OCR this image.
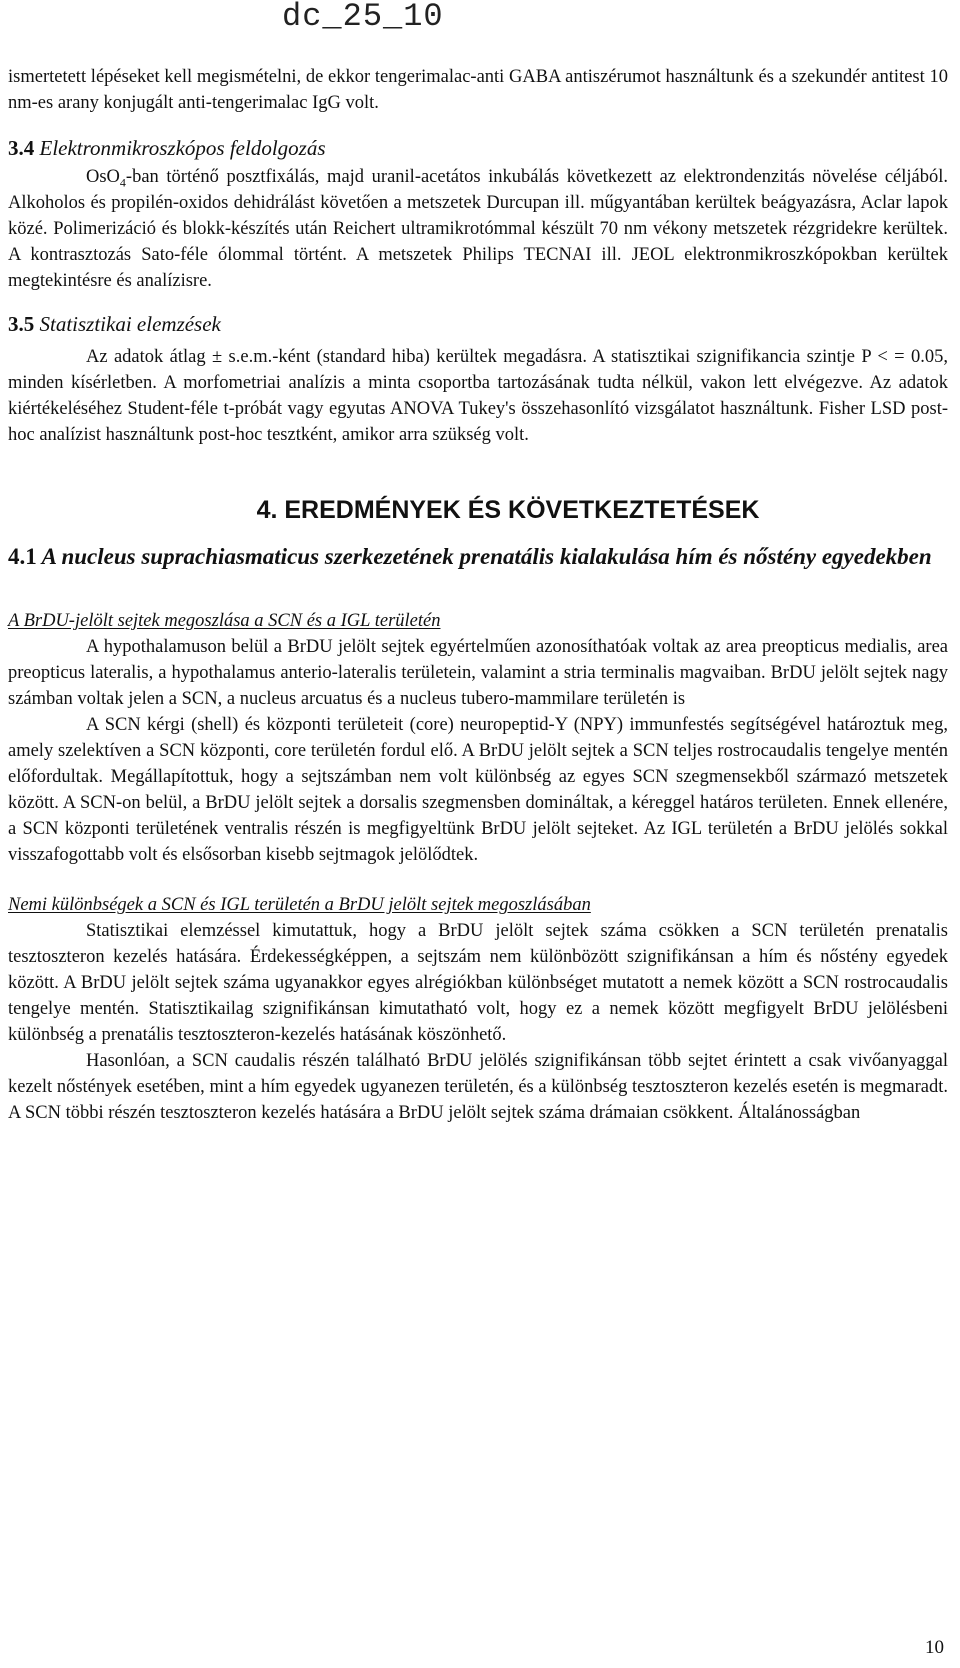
dc_25_10

ismertetett lépéseket kell megismételni, de ekkor tengerimalac-anti GABA antiszérumot használtunk és a szekundér antitest 10 nm-es arany konjugált anti-tengerimalac IgG volt.

3.4 Elektronmikroszkópos feldolgozás

OsO$_4$-ban történő posztfixálás, majd uranil-acetátos inkubálás következett az elektrondenzitás növelése céljából. Alkoholos és propilén-oxidos dehidrálást követően a metszetek Durcupan ill. műgyantában kerültek beágyazásra, Aclar lapok közé. Polimerizáció és blokk-készítés után Reichert ultramikrotómmal készült 70 nm vékony metszetek rézgridekre kerültek. A kontrasztozás Sato-féle ólommal történt. A metszetek Philips TECNAI ill. JEOL elektronmikroszkópokban kerültek megtekintésre és analízisre.

3.5 Statisztikai elemzések

Az adatok átlag ± s.e.m.-ként (standard hiba) kerültek megadásra. A statisztikai szignifikancia szintje P < = 0.05, minden kísérletben. A morfometriai analízis a minta csoportba tartozásának tudta nélkül, vakon lett elvégezve. Az adatok kiértékeléséhez Student-féle t-próbát vagy egyutas ANOVA Tukey's összehasonlító vizsgálatot használtunk. Fisher LSD post-hoc analízist használtunk post-hoc tesztként, amikor arra szükség volt.

4. EREDMÉNYEK ÉS KÖVETKEZTETÉSEK
4.1 A nucleus suprachiasmaticus szerkezetének prenatális kialakulása hím és nőstény egyedekben

A BrDU-jelölt sejtek megoszlása a SCN és a IGL területén

A hypothalamuson belül a BrDU jelölt sejtek egyértelműen azonosíthatóak voltak az area preopticus medialis, area preopticus lateralis, a hypothalamus anterio-lateralis területein, valamint a stria terminalis magvaiban. BrDU jelölt sejtek nagy számban voltak jelen a SCN, a nucleus arcuatus és a nucleus tubero-mammilare területén is

A SCN kérgi (shell) és központi területeit (core) neuropeptid-Y (NPY) immunfestés segítségével határoztuk meg, amely szelektíven a SCN központi, core területén fordul elő. A BrDU jelölt sejtek a SCN teljes rostrocaudalis tengelye mentén előfordultak. Megállapítottuk, hogy a sejtszámban nem volt különbség az egyes SCN szegmensekből származó metszetek között. A SCN-on belül, a BrDU jelölt sejtek a dorsalis szegmensben domináltak, a kéreggel határos területen. Ennek ellenére, a SCN központi területének ventralis részén is megfigyeltünk BrDU jelölt sejteket. Az IGL területén a BrDU jelölés sokkal visszafogottabb volt és elsősorban kisebb sejtmagok jelölődtek.

Nemi különbségek a SCN és IGL területén a BrDU jelölt sejtek megoszlásában

Statisztikai elemzéssel kimutattuk, hogy a BrDU jelölt sejtek száma csökken a SCN területén prenatalis tesztoszteron kezelés hatására. Érdekességképpen, a sejtszám nem különbözött szignifikánsan a hím és nőstény egyedek között. A BrDU jelölt sejtek száma ugyanakkor egyes alrégiókban különbséget mutatott a nemek között a SCN rostrocaudalis tengelye mentén. Statisztikailag szignifikánsan kimutatható volt, hogy ez a nemek között megfigyelt BrDU jelölésbeni különbség a prenatális tesztoszteron-kezelés hatásának köszönhető.

Hasonlóan, a SCN caudalis részén található BrDU jelölés szignifikánsan több sejtet érintett a csak vivőanyaggal kezelt nőstények esetében, mint a hím egyedek ugyanezen területén, és a különbség tesztoszteron kezelés esetén is megmaradt. A SCN többi részén tesztoszteron kezelés hatására a BrDU jelölt sejtek száma drámaian csökkent. Általánosságban

10
